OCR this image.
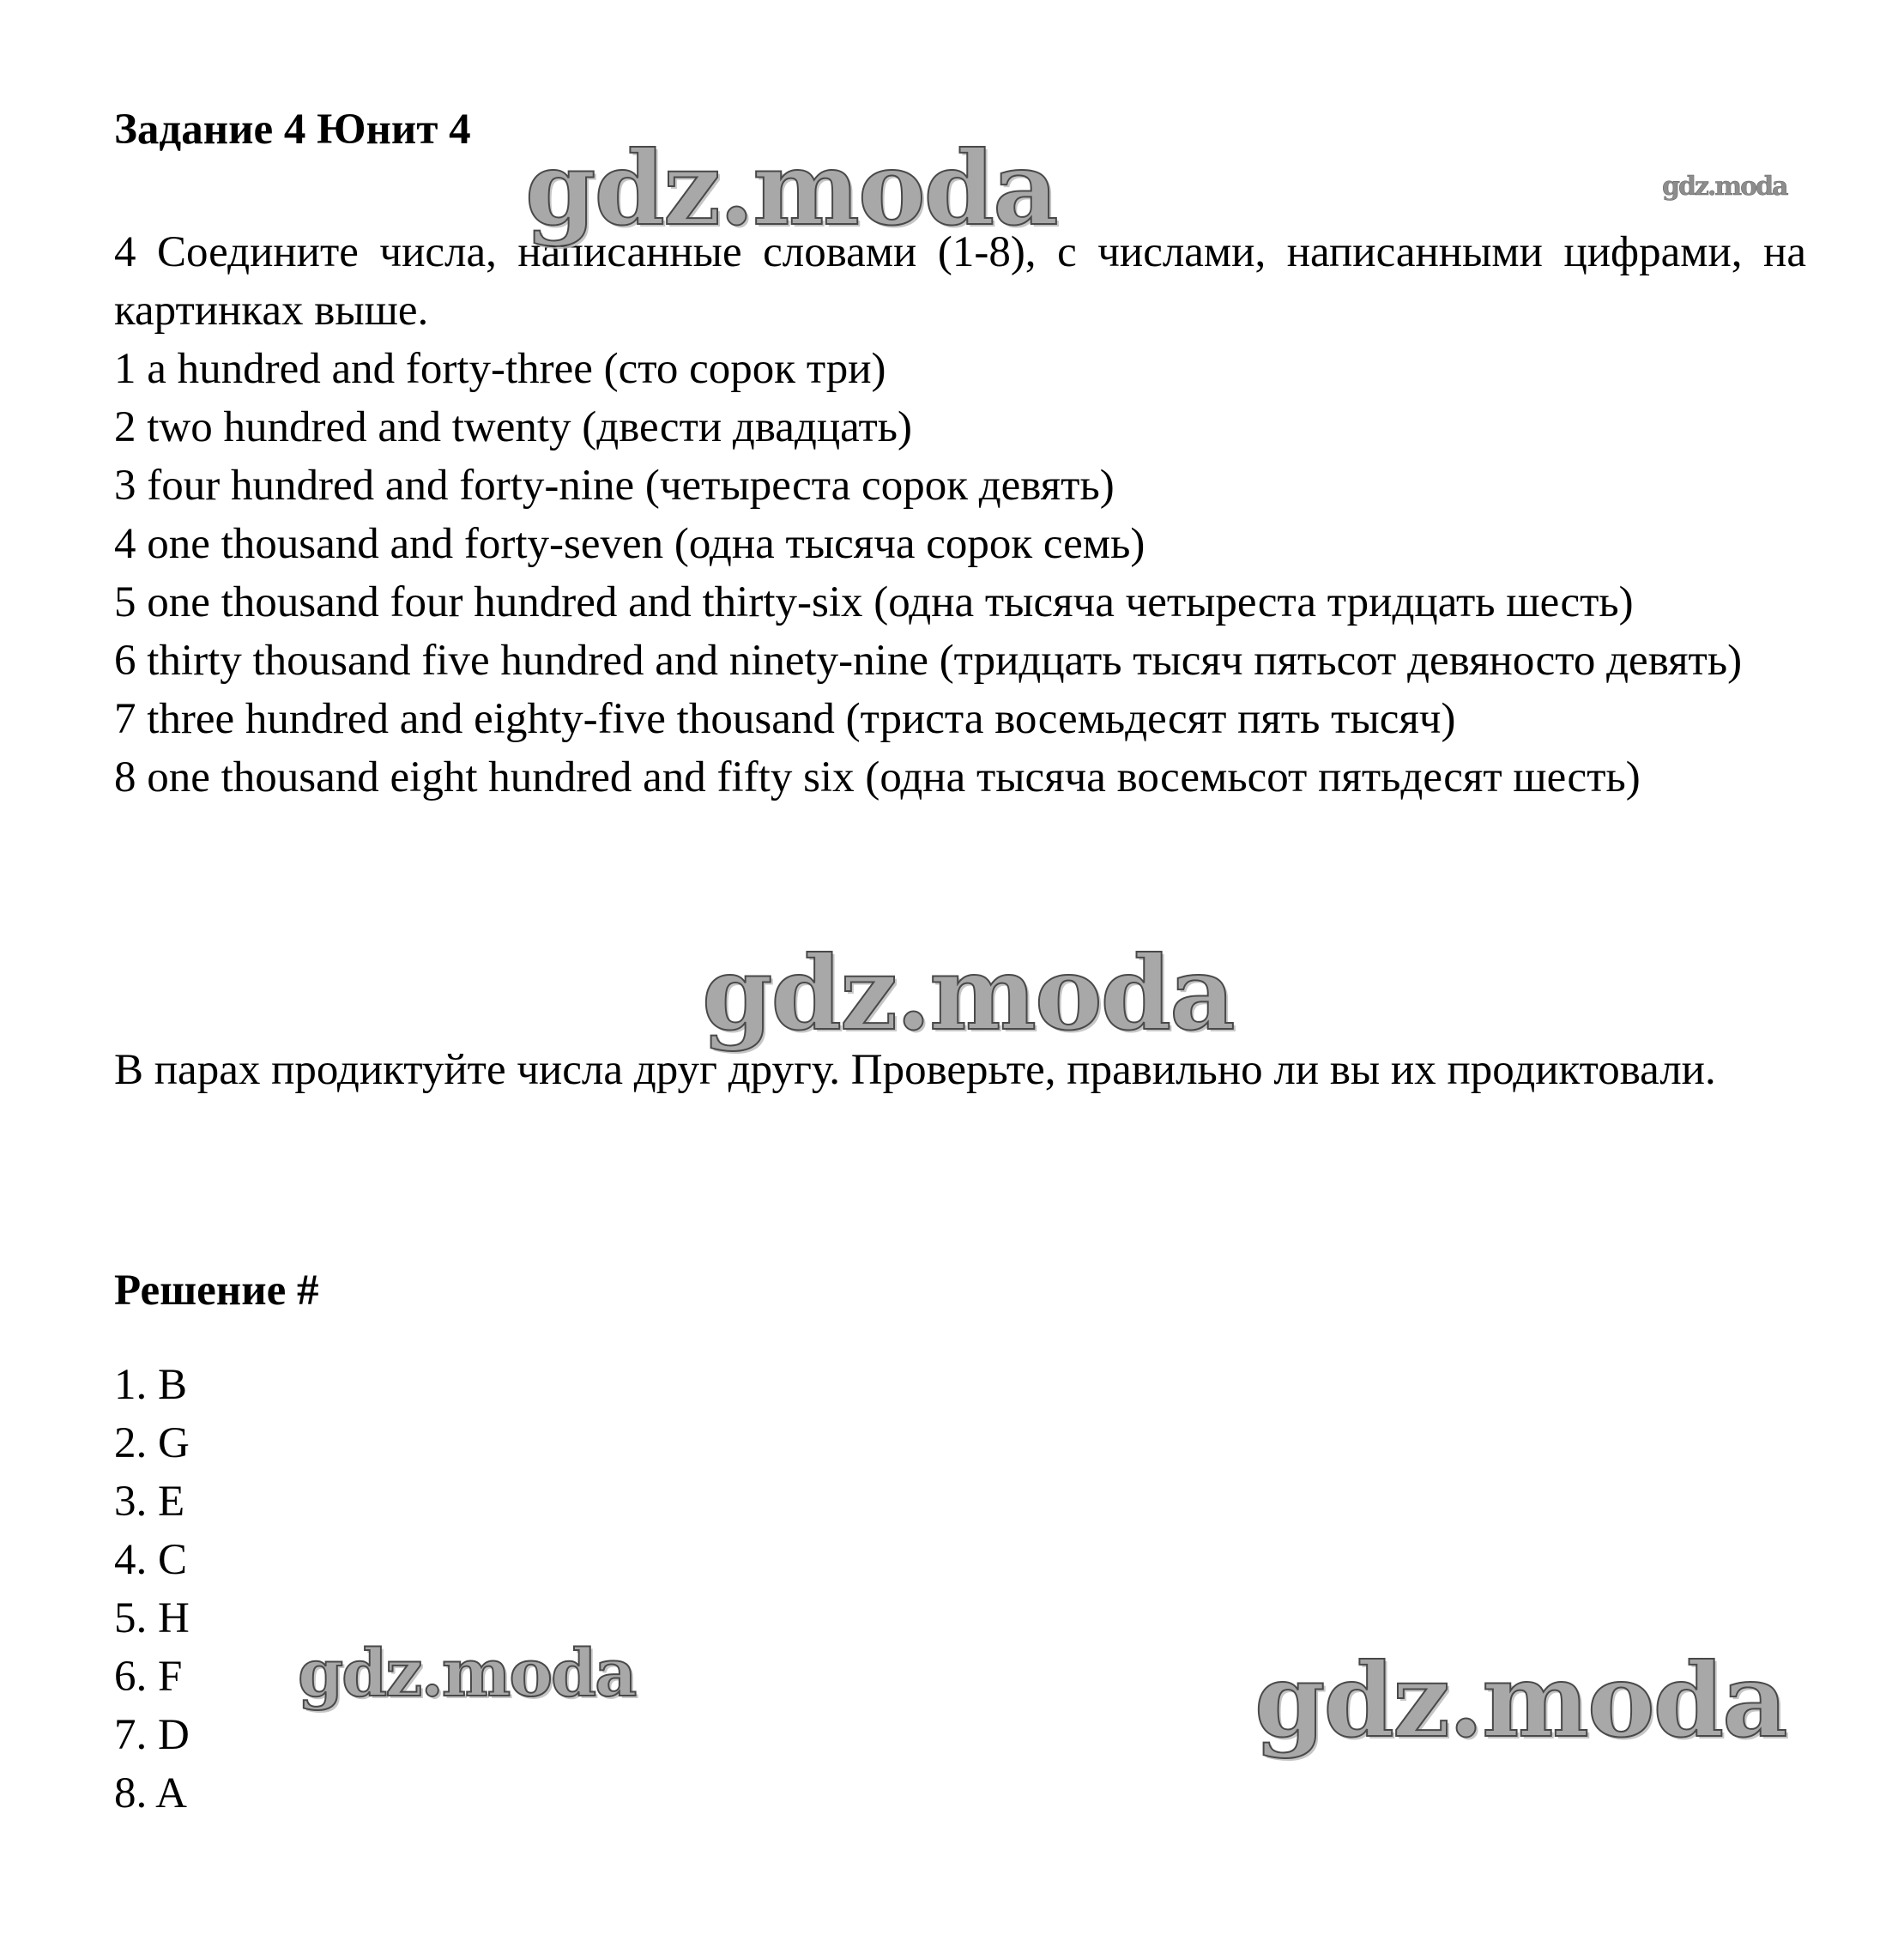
Задание 4 Юнит 4

4 Соедините числа, написанные словами (1-8), с числами, написанными цифрами, на картинках выше.

1 a hundred and forty-three (сто сорок три)

2 two hundred and twenty (двести двадцать)

3 four hundred and forty-nine (четыреста сорок девять)

4 one thousand and forty-seven (одна тысяча сорок семь)

5 one thousand four hundred and thirty-six (одна тысяча четыреста тридцать шесть)

6 thirty thousand five hundred and ninety-nine (тридцать тысяч пятьсот девяносто девять)

7 three hundred and eighty-five thousand (триста восемьдесят пять тысяч)

8 one thousand eight hundred and fifty six (одна тысяча восемьсот пятьдесят шесть)

В парах продиктуйте числа друг другу. Проверьте, правильно ли вы их продиктовали.

Решение #
1. B
2. G
3. E
4. C
5. H
6. F
7. D
8. A
gdz.moda	gdz.moda
gdz.moda
gdz.moda	gdz.moda
